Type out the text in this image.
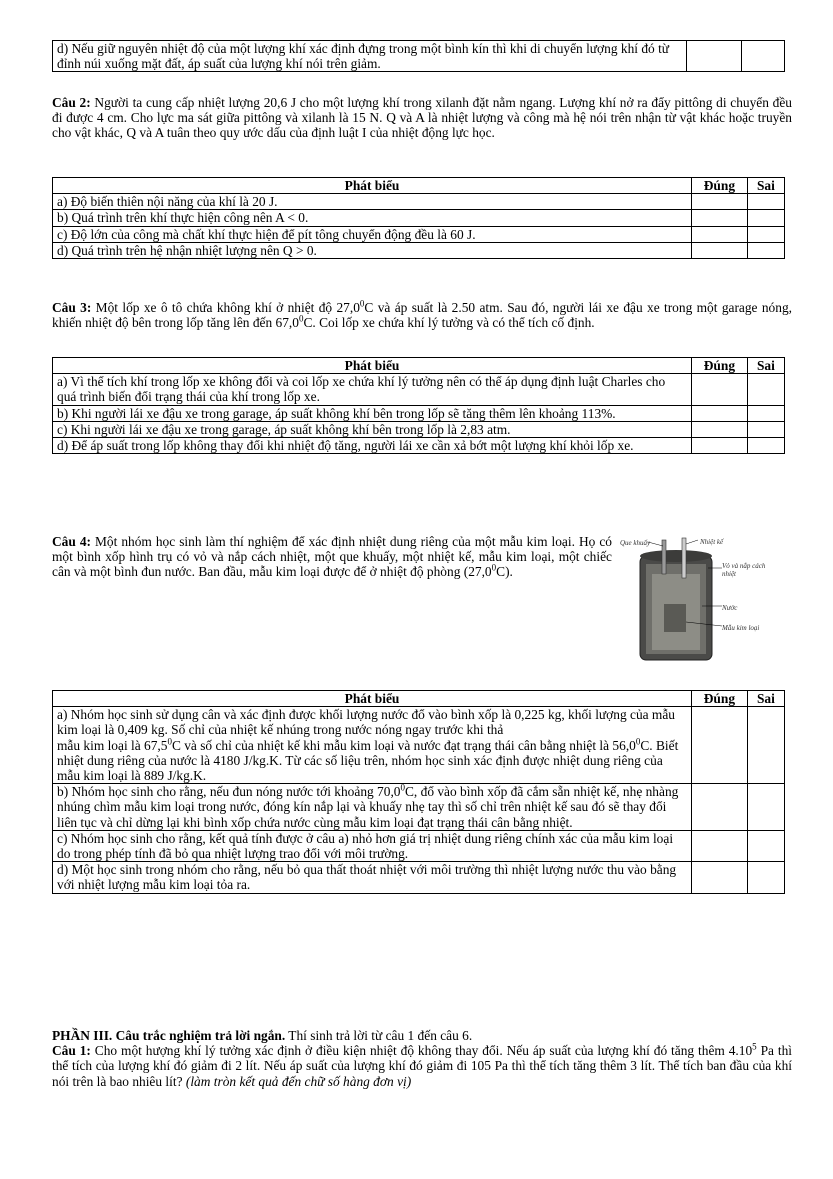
d) Nếu giữ nguyên nhiệt độ của một lượng khí xác định đựng trong một bình kín thì khi di chuyển lượng khí đó từ đỉnh núi xuống mặt đất, áp suất của lượng khí nói trên giảm.		
Câu 2: Người ta cung cấp nhiệt lượng 20,6 J cho một lượng khí trong xilanh đặt nằm ngang. Lượng khí nở ra đẩy pittông di chuyển đều đi được 4 cm. Cho lực ma sát giữa pittông và xilanh là 15 N. Q và A là nhiệt lượng và công mà hệ nói trên nhận từ vật khác hoặc truyền cho vật khác, Q và A tuân theo quy ước dấu của định luật I của nhiệt động lực học.
Phát biểu	Đúng	Sai
a) Độ biến thiên nội năng của khí là 20 J.		
b) Quá trình trên khí thực hiện công nên A < 0.		
c) Độ lớn của công mà chất khí thực hiện để pít tông chuyển động đều là 60 J.		
d) Quá trình trên hệ nhận nhiệt lượng nên Q > 0.		
Câu 3: Một lốp xe ô tô chứa không khí ở nhiệt độ 27,0$^0$C và áp suất là 2.50 atm. Sau đó, người lái xe đậu xe trong một garage nóng, khiến nhiệt độ bên trong lốp tăng lên đến 67,0$^0$C. Coi lốp xe chứa khí lý tưởng và có thể tích cố định.
Phát biểu	Đúng	Sai
a) Vì thể tích khí trong lốp xe không đổi và coi lốp xe chứa khí lý tưởng nên có thể áp dụng định luật Charles cho quá trình biến đổi trạng thái của khí trong lốp xe.		
b) Khi người lái xe đậu xe trong garage, áp suất không khí bên trong lốp sẽ tăng thêm lên khoảng 113%.		
c) Khi người lái xe đậu xe trong garage, áp suất không khí bên trong lốp là 2,83 atm.		
d) Để áp suất trong lốp không thay đổi khi nhiệt độ tăng, người lái xe cần xả bớt một lượng khí khỏi lốp xe.		
Câu 4: Một nhóm học sinh làm thí nghiệm để xác định nhiệt dung riêng của một mẫu kim loại. Họ có một bình xốp hình trụ có vỏ và nắp cách nhiệt, một que khuấy, một nhiệt kế, mẫu kim loại, một chiếc cân và một bình đun nước. Ban đầu, mẫu kim loại được để ở nhiệt độ phòng (27,0$^0$C).
Que khuấy	Nhiệt kế
Vỏ và nắp cách nhiệt
Nước
Mẫu kim loại
Phát biểu	Đúng	Sai
a) Nhóm học sinh sử dụng cân và xác định được khối lượng nước đổ vào bình xốp là 0,225 kg, khối lượng của mẫu kim loại là 0,409 kg. Số chỉ của nhiệt kế nhúng trong nước nóng ngay trước khi thả
mẫu kim loại là 67,5$^0$C và số chỉ của nhiệt kế khi mẫu kim loại và nước đạt trạng thái cân bằng nhiệt là 56,0$^0$C. Biết nhiệt dung riêng của nước là 4180 J/kg.K. Từ các số liệu trên, nhóm học sinh xác định được nhiệt dung riêng của mẫu kim loại là 889 J/kg.K.		
b) Nhóm học sinh cho rằng, nếu đun nóng nước tới khoảng 70,0$^0$C, đổ vào bình xốp đã cắm sẵn nhiệt kế, nhẹ nhàng nhúng chìm mẫu kim loại trong nước, đóng kín nắp lại và khuấy nhẹ tay thì số chỉ trên nhiệt kế sau đó sẽ thay đổi liên tục và chỉ dừng lại khi bình xốp chứa nước cùng mẫu kim loại đạt trạng thái cân bằng nhiệt.		
c) Nhóm học sinh cho rằng, kết quả tính được ở câu a) nhỏ hơn giá trị nhiệt dung riêng chính xác của mẫu kim loại do trong phép tính đã bỏ qua nhiệt lượng trao đổi với môi trường.		
d) Một học sinh trong nhóm cho rằng, nếu bỏ qua thất thoát nhiệt với môi trường thì nhiệt lượng nước thu vào bằng với nhiệt lượng mẫu kim loại tỏa ra.		
PHẦN III. Câu trắc nghiệm trả lời ngắn. Thí sinh trả lời từ câu 1 đến câu 6.
Câu 1: Cho một hượng khí lý tưởng xác định ở điều kiện nhiệt độ không thay đổi. Nếu áp suất của lượng khí đó tăng thêm 4.10$^5$ Pa thì thể tích của lượng khí đó giảm đi 2 lít. Nếu áp suất của lượng khí đó giảm đi 105 Pa thì thể tích tăng thêm 3 lít. Thể tích ban đầu của khí nói trên là bao nhiêu lít? (làm tròn kết quả đến chữ số hàng đơn vị)
